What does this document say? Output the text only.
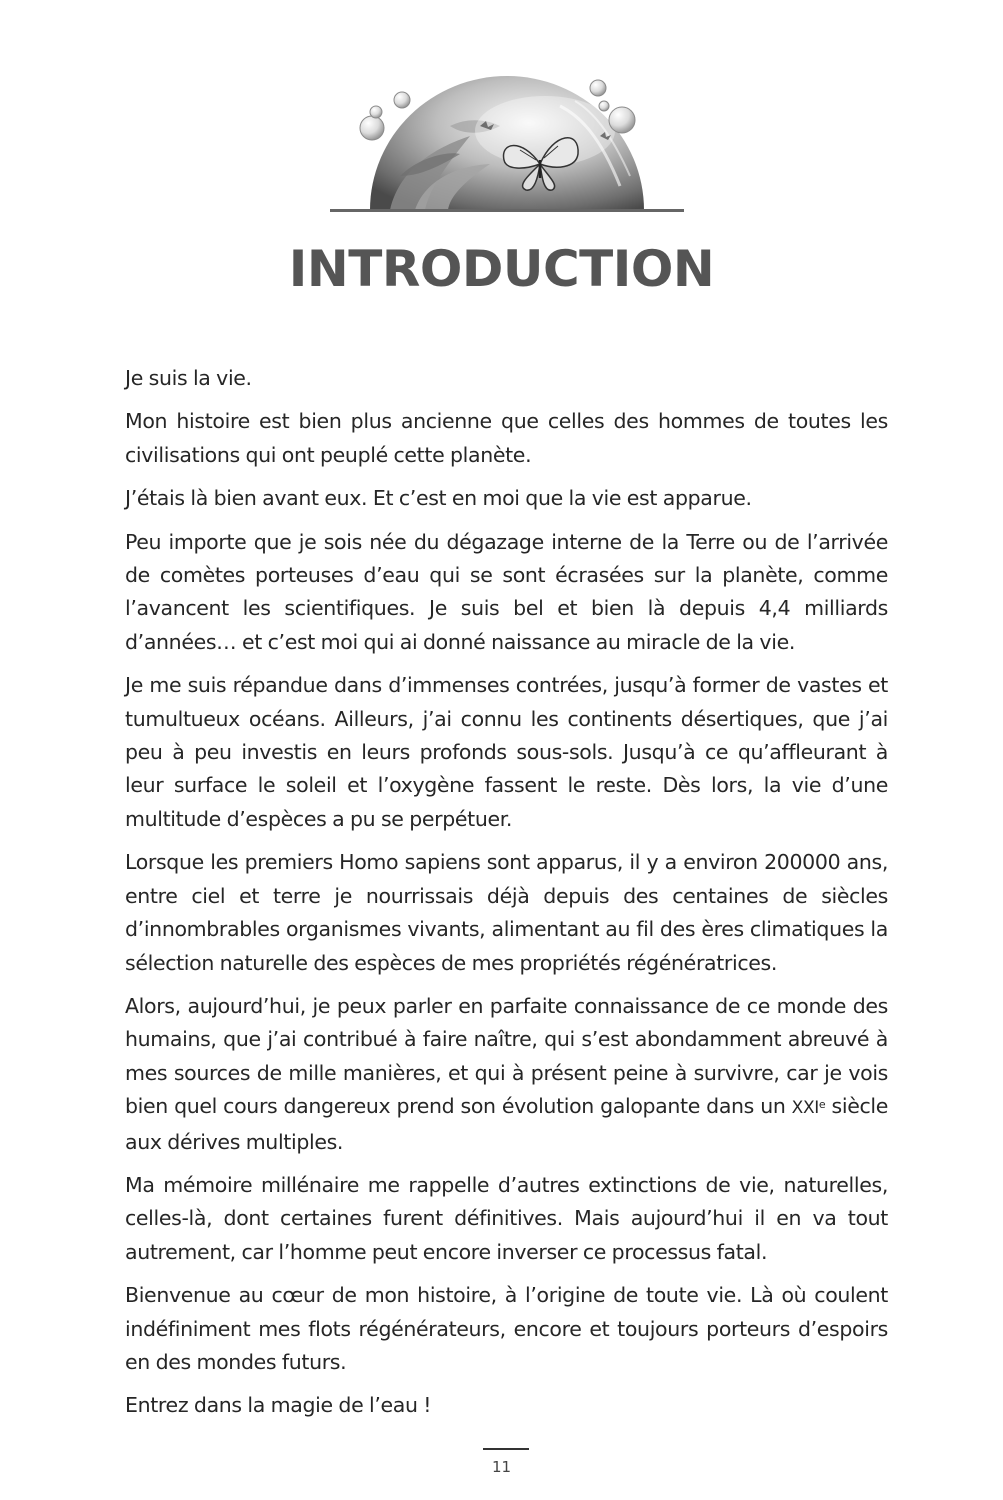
INTRODUCTION

Je suis la vie.

Mon histoire est bien plus ancienne que celles des hommes de toutes les civilisations qui ont peuplé cette planète.

J’étais là bien avant eux. Et c’est en moi que la vie est apparue.

Peu importe que je sois née du dégazage interne de la Terre ou de l’arrivée de comètes porteuses d’eau qui se sont écrasées sur la planète, comme l’avancent les scientifiques. Je suis bel et bien là depuis 4,4 milliards d’années… et c’est moi qui ai donné naissance au miracle de la vie.

Je me suis répandue dans d’immenses contrées, jusqu’à former de vastes et tumultueux océans. Ailleurs, j’ai connu les continents désertiques, que j’ai peu à peu investis en leurs profonds sous-sols. Jusqu’à ce qu’affleurant à leur surface le soleil et l’oxygène fassent le reste. Dès lors, la vie d’une multitude d’espèces a pu se perpétuer.

Lorsque les premiers Homo sapiens sont apparus, il y a environ 200000 ans, entre ciel et terre je nourrissais déjà depuis des centaines de siècles d’innombrables organismes vivants, alimentant au fil des ères climatiques la sélection naturelle des espèces de mes propriétés régénératrices.

Alors, aujourd’hui, je peux parler en parfaite connaissance de ce monde des humains, que j’ai contribué à faire naître, qui s’est abondamment abreuvé à mes sources de mille manières, et qui à présent peine à survivre, car je vois bien quel cours dangereux prend son évolution galopante dans un XXIe siècle aux dérives multiples.

Ma mémoire millénaire me rappelle d’autres extinctions de vie, naturelles, celles-là, dont certaines furent définitives. Mais aujourd’hui il en va tout autrement, car l’homme peut encore inverser ce processus fatal.

Bienvenue au cœur de mon histoire, à l’origine de toute vie. Là où coulent indéfiniment mes flots régénérateurs, encore et toujours porteurs d’espoirs en des mondes futurs.

Entrez dans la magie de l’eau !

11
